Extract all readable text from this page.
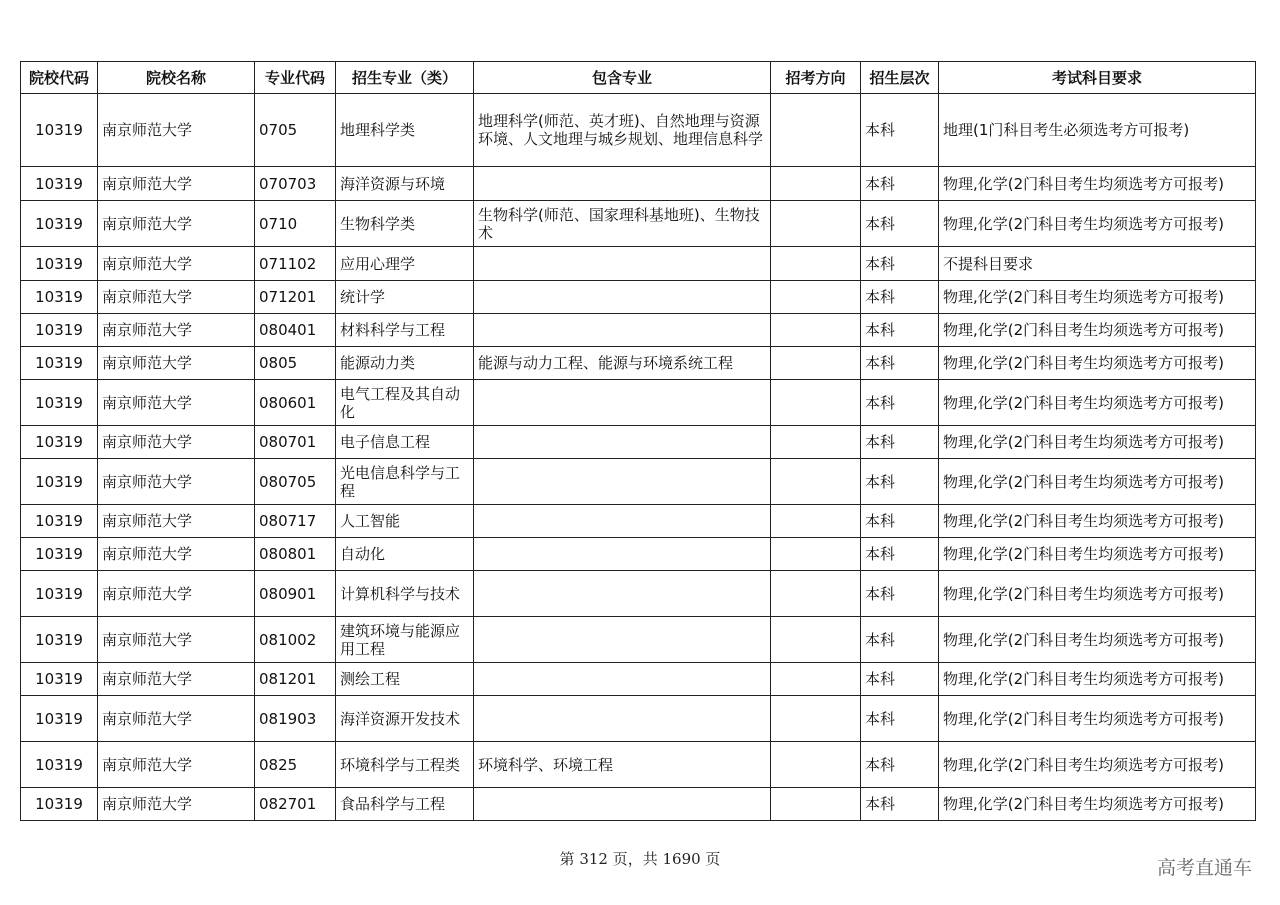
院校代码	院校名称	专业代码	招生专业（类）	包含专业	招考方向	招生层次	考试科目要求
10319	南京师范大学	0705	地理科学类	地理科学(师范、英才班)、自然地理与资源环境、人文地理与城乡规划、地理信息科学		本科	地理(1门科目考生必须选考方可报考)
10319	南京师范大学	070703	海洋资源与环境			本科	物理,化学(2门科目考生均须选考方可报考)
10319	南京师范大学	0710	生物科学类	生物科学(师范、国家理科基地班)、生物技术		本科	物理,化学(2门科目考生均须选考方可报考)
10319	南京师范大学	071102	应用心理学			本科	不提科目要求
10319	南京师范大学	071201	统计学			本科	物理,化学(2门科目考生均须选考方可报考)
10319	南京师范大学	080401	材料科学与工程			本科	物理,化学(2门科目考生均须选考方可报考)
10319	南京师范大学	0805	能源动力类	能源与动力工程、能源与环境系统工程		本科	物理,化学(2门科目考生均须选考方可报考)
10319	南京师范大学	080601	电气工程及其自动化			本科	物理,化学(2门科目考生均须选考方可报考)
10319	南京师范大学	080701	电子信息工程			本科	物理,化学(2门科目考生均须选考方可报考)
10319	南京师范大学	080705	光电信息科学与工程			本科	物理,化学(2门科目考生均须选考方可报考)
10319	南京师范大学	080717	人工智能			本科	物理,化学(2门科目考生均须选考方可报考)
10319	南京师范大学	080801	自动化			本科	物理,化学(2门科目考生均须选考方可报考)
10319	南京师范大学	080901	计算机科学与技术			本科	物理,化学(2门科目考生均须选考方可报考)
10319	南京师范大学	081002	建筑环境与能源应用工程			本科	物理,化学(2门科目考生均须选考方可报考)
10319	南京师范大学	081201	测绘工程			本科	物理,化学(2门科目考生均须选考方可报考)
10319	南京师范大学	081903	海洋资源开发技术			本科	物理,化学(2门科目考生均须选考方可报考)
10319	南京师范大学	0825	环境科学与工程类	环境科学、环境工程		本科	物理,化学(2门科目考生均须选考方可报考)
10319	南京师范大学	082701	食品科学与工程			本科	物理,化学(2门科目考生均须选考方可报考)
第 312 页，共 1690 页	高考直通车
